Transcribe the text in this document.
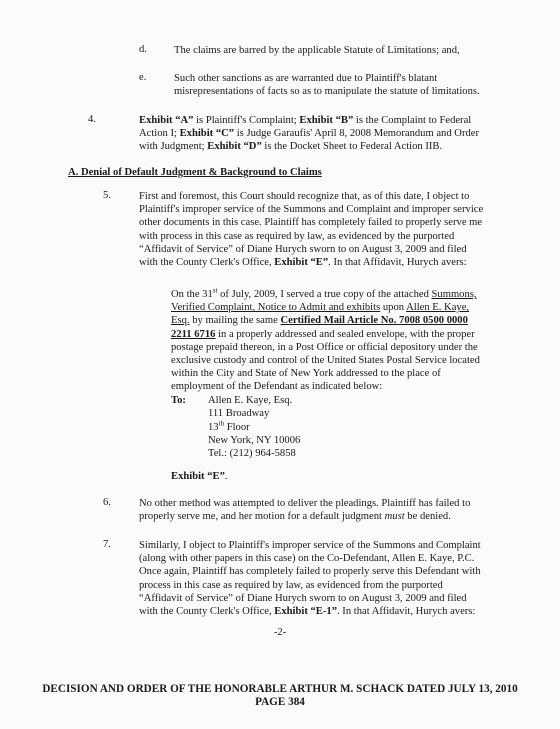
d.	The claims are barred by the applicable Statute of Limitations; and,
e.	Such other sanctions as are warranted due to Plaintiff's blatant
misrepresentations of facts so as to manipulate the statute of limitations.
4.	Exhibit “A” is Plaintiff's Complaint; Exhibit “B” is the Complaint to Federal
Action I; Exhibit “C” is Judge Garaufis' April 8, 2008 Memorandum and Order
with Judgment; Exhibit “D” is the Docket Sheet to Federal Action IIB.
A. Denial of Default Judgment & Background to Claims
5.	First and foremost, this Court should recognize that, as of this date, I object to
Plaintiff's improper service of the Summons and Complaint and improper service
other documents in this case. Plaintiff has completely failed to properly serve me
with process in this case as required by law, as evidenced by the purported
“Affidavit of Service” of Diane Hurych sworn to on August 3, 2009 and filed
with the County Clerk's Office, Exhibit “E”. In that Affidavit, Hurych avers:
On the 31st of July, 2009, I served a true copy of the attached Summons,
Verified Complaint, Notice to Admit and exhibits upon Allen E. Kaye,
Esq. by mailing the same Certified Mail Article No. 7008 0500 0000
2211 6716 in a properly addressed and sealed envelope, with the proper
postage prepaid thereon, in a Post Office or official depository under the
exclusive custody and control of the United States Postal Service located
within the City and State of New York addressed to the place of
employment of the Defendant as indicated below:
To: Allen E. Kaye, Esq.
111 Broadway
13th Floor
New York, NY 10006
Tel.: (212) 964-5858
Exhibit “E”.
6.	No other method was attempted to deliver the pleadings. Plaintiff has failed to
properly serve me, and her motion for a default judgment must be denied.
7.	Similarly, I object to Plaintiff's improper service of the Summons and Complaint
(along with other papers in this case) on the Co-Defendant, Allen E. Kaye, P.C.
Once again, Plaintiff has completely failed to properly serve this Defendant with
process in this case as required by law, as evidenced from the purported
“Affidavit of Service” of Diane Hurych sworn to on August 3, 2009 and filed
with the County Clerk's Office, Exhibit “E-1”. In that Affidavit, Hurych avers:
-2-
DECISION AND ORDER OF THE HONORABLE ARTHUR M. SCHACK DATED JULY 13, 2010
PAGE 384
